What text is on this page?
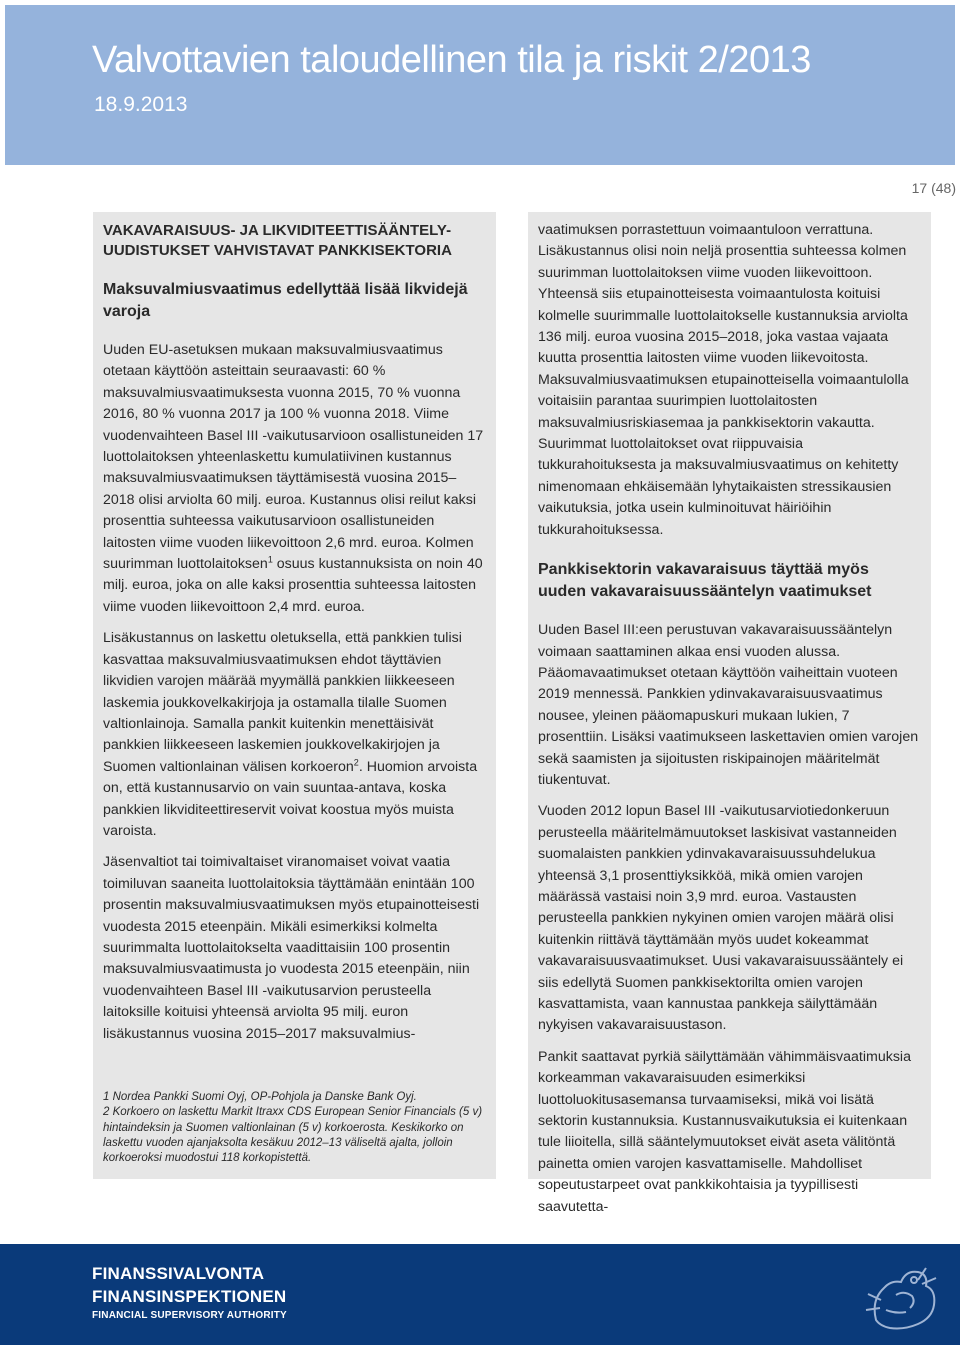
Valvottavien taloudellinen tila ja riskit 2/2013
18.9.2013
17 (48)
VAKAVARAISUUS- JA LIKVIDITEETTISÄÄNTELY-
UUDISTUKSET VAHVISTAVAT PANKKISEKTORIA
Maksuvalmiusvaatimus edellyttää lisää likvidejä varoja

Uuden EU-asetuksen mukaan maksuvalmiusvaatimus otetaan käyttöön asteittain seuraavasti: 60 % maksuvalmiusvaatimuksesta vuonna 2015, 70 % vuonna 2016, 80 % vuonna 2017 ja 100 % vuonna 2018. Viime vuodenvaihteen Basel III -vaikutusarvioon osallistuneiden 17 luottolaitoksen yhteenlaskettu kumulatiivinen kustannus maksuvalmiusvaatimuksen täyttämisestä vuosina 2015–2018 olisi arviolta 60 milj. euroa. Kustannus olisi reilut kaksi prosenttia suhteessa vaikutusarvioon osallistuneiden laitosten viime vuoden liikevoittoon 2,6 mrd. euroa. Kolmen suurimman luottolaitoksen$^1$ osuus kustannuksista on noin 40 milj. euroa, joka on alle kaksi prosenttia suhteessa laitosten viime vuoden liikevoittoon 2,4 mrd. euroa.

Lisäkustannus on laskettu oletuksella, että pankkien tulisi kasvattaa maksuvalmiusvaatimuksen ehdot täyttävien likvidien varojen määrää myymällä pankkien liikkeeseen laskemia joukkovelkakirjoja ja ostamalla tilalle Suomen valtionlainoja. Samalla pankit kuitenkin menettäisivät pankkien liikkeeseen laskemien joukkovelkakirjojen ja Suomen valtionlainan välisen korkoeron$^2$. Huomion arvoista on, että kustannusarvio on vain suuntaa-antava, koska pankkien likviditeettireservit voivat koostua myös muista varoista.

Jäsenvaltiot tai toimivaltaiset viranomaiset voivat vaatia toimiluvan saaneita luottolaitoksia täyttämään enintään 100 prosentin maksuvalmiusvaatimuksen myös etupainotteisesti vuodesta 2015 eteenpäin. Mikäli esimerkiksi kolmelta suurimmalta luottolaitokselta vaadittaisiin 100 prosentin maksuvalmiusvaatimusta jo vuodesta 2015 eteenpäin, niin vuodenvaihteen Basel III -vaikutusarvion perusteella laitoksille koituisi yhteensä arviolta 95 milj. euron lisäkustannus vuosina 2015–2017 maksuvalmius-

1 Nordea Pankki Suomi Oyj, OP-Pohjola ja Danske Bank Oyj.
2 Korkoero on laskettu Markit Itraxx CDS European Senior Financials (5 v) hintaindeksin ja Suomen valtionlainan (5 v) korkoerosta. Keskikorko on laskettu vuoden ajanjaksolta kesäkuu 2012–13 väliseltä ajalta, jolloin korkoeroksi muodostui 118 korkopistettä.

vaatimuksen porrastettuun voimaantuloon verrattuna. Lisäkustannus olisi noin neljä prosenttia suhteessa kolmen suurimman luottolaitoksen viime vuoden liikevoittoon. Yhteensä siis etupainotteisesta voimaantulosta koituisi kolmelle suurimmalle luottolaitokselle kustannuksia arviolta 136 milj. euroa vuosina 2015–2018, joka vastaa vajaata kuutta prosenttia laitosten viime vuoden liikevoitosta. Maksuvalmiusvaatimuksen etupainotteisella voimaantulolla voitaisiin parantaa suurimpien luottolaitosten maksuvalmiusriskiasemaa ja pankkisektorin vakautta. Suurimmat luottolaitokset ovat riippuvaisia tukkurahoituksesta ja maksuvalmiusvaatimus on kehitetty nimenomaan ehkäisemään lyhytaikaisten stressikausien vaikutuksia, jotka usein kulminoituvat häiriöihin tukkurahoituksessa.

Pankkisektorin vakavaraisuus täyttää myös uuden vakavaraisuussääntelyn vaatimukset

Uuden Basel III:een perustuvan vakavaraisuussääntelyn voimaan saattaminen alkaa ensi vuoden alussa. Pääomavaatimukset otetaan käyttöön vaiheittain vuoteen 2019 mennessä. Pankkien ydinvakavaraisuusvaatimus nousee, yleinen pääomapuskuri mukaan lukien, 7 prosenttiin. Lisäksi vaatimukseen laskettavien omien varojen sekä saamisten ja sijoitusten riskipainojen määritelmät tiukentuvat.

Vuoden 2012 lopun Basel III -vaikutusarviotiedonkeruun perusteella määritelmämuutokset laskisivat vastanneiden suomalaisten pankkien ydinvakavaraisuussuhdelukua yhteensä 3,1 prosenttiyksikköä, mikä omien varojen määrässä vastaisi noin 3,9 mrd. euroa. Vastausten perusteella pankkien nykyinen omien varojen määrä olisi kuitenkin riittävä täyttämään myös uudet kokeammat vakavaraisuusvaatimukset. Uusi vakavaraisuussääntely ei siis edellytä Suomen pankkisektorilta omien varojen kasvattamista, vaan kannustaa pankkeja säilyttämään nykyisen vakavaraisuustason.

Pankit saattavat pyrkiä säilyttämään vähimmäisvaatimuksia korkeamman vakavaraisuuden esimerkiksi luottoluokitusasemansa turvaamiseksi, mikä voi lisätä sektorin kustannuksia. Kustannusvaikutuksia ei kuitenkaan tule liioitella, sillä sääntelymuutokset eivät aseta välitöntä painetta omien varojen kasvattamiselle. Mahdolliset sopeutustarpeet ovat pankkikohtaisia ja tyypillisesti saavutetta-

FINANSSIVALVONTA
FINANSINSPEKTIONEN
FINANCIAL SUPERVISORY AUTHORITY
